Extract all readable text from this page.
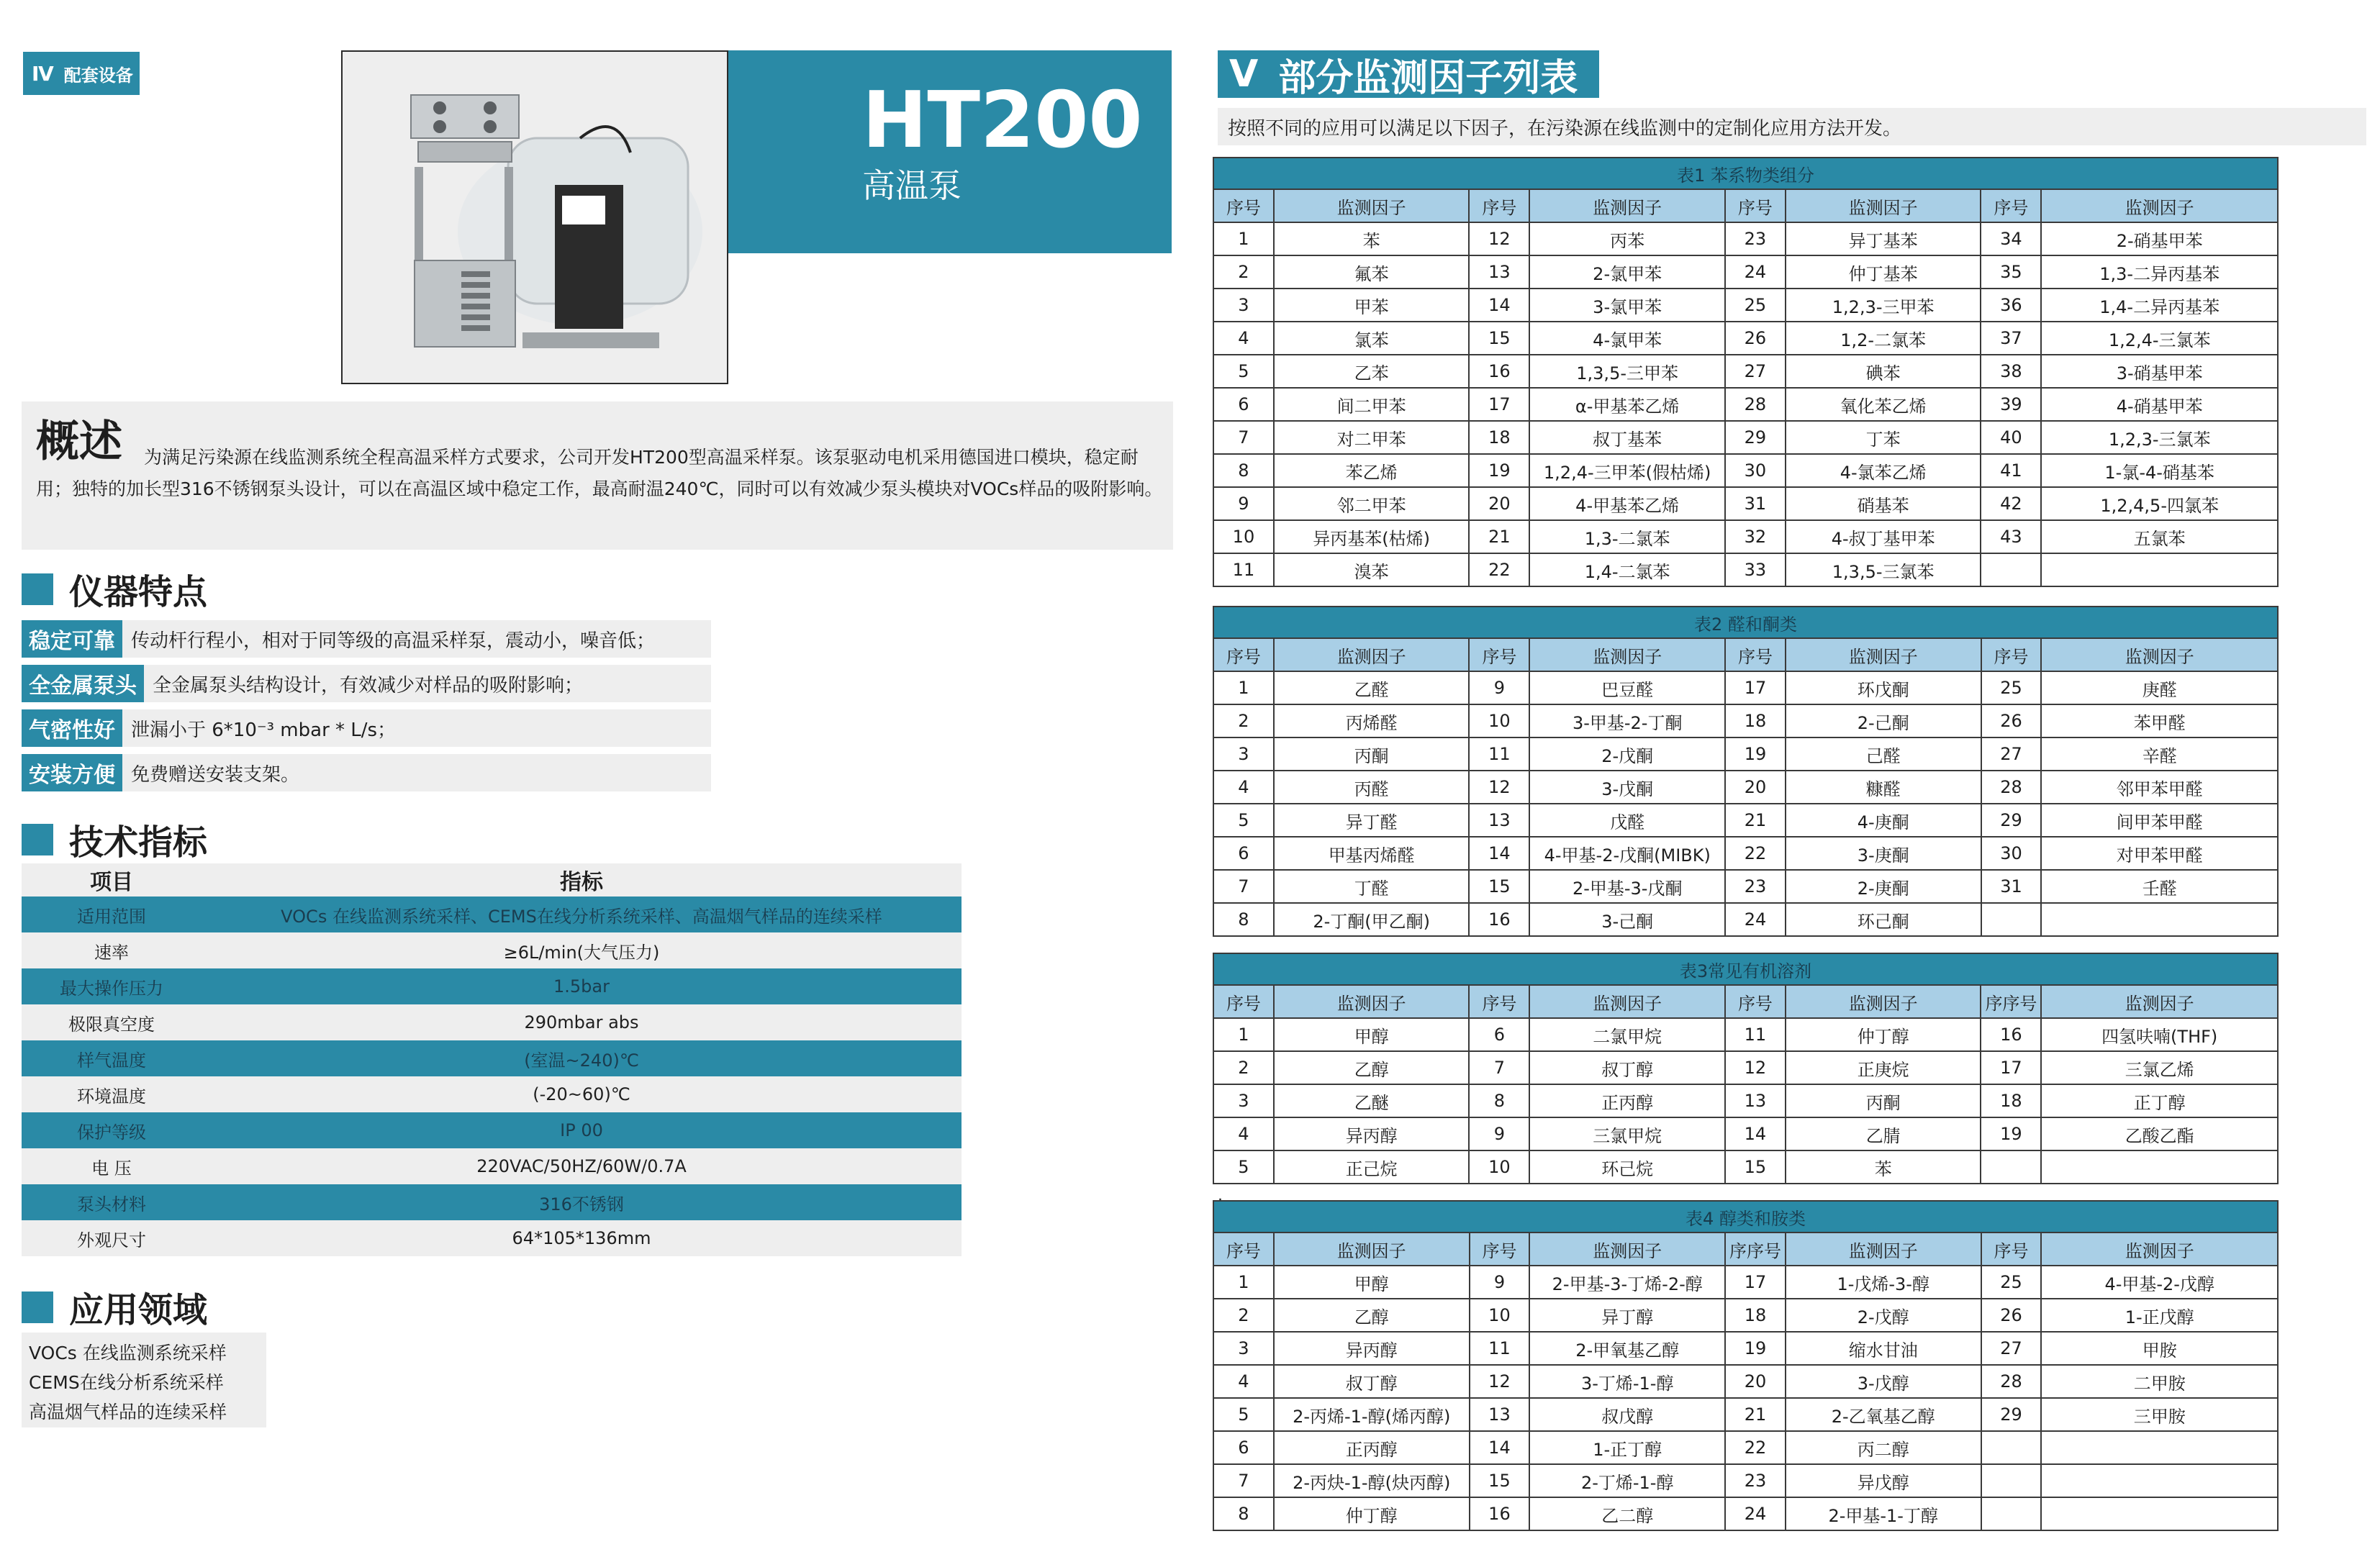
Ⅳ 配套设备
HT200
高温泵
概述	为满足污染源在线监测系统全程高温采样方式要求，公司开发HT200型高温采样泵。该泵驱动电机采用德国进口模块，稳定耐用；独特的加长型316不锈钢泵头设计，可以在高温区域中稳定工作，最高耐温240℃，同时可以有效减少泵头模块对VOCs样品的吸附影响。

仪器特点
稳定可靠 传动杆行程小，相对于同等级的高温采样泵，震动小，噪音低；
全金属泵头 全金属泵头结构设计，有效减少对样品的吸附影响；
气密性好 泄漏小于 6*10⁻³ mbar * L/s；
安装方便 免费赠送安装支架。
技术指标
项目	指标
适用范围	VOCs 在线监测系统采样、CEMS在线分析系统采样、高温烟气样品的连续采样
速率	≥6L/min(大气压力)
最大操作压力	1.5bar
极限真空度	290mbar abs
样气温度	(室温~240)℃
环境温度	(-20~60)℃
保护等级	IP 00
电 压	220VAC/50HZ/60W/0.7A
泵头材料	316不锈钢
外观尺寸	64*105*136mm
应用领域
VOCs 在线监测系统采样
CEMS在线分析系统采样
高温烟气样品的连续采样
Ⅴ 部分监测因子列表
按照不同的应用可以满足以下因子，在污染源在线监测中的定制化应用方法开发。
表1 苯系物类组分							
序号	监测因子	序号	监测因子	序号	监测因子	序号	监测因子
1	苯	12	丙苯	23	异丁基苯	34	2-硝基甲苯
2	氟苯	13	2-氯甲苯	24	仲丁基苯	35	1,3-二异丙基苯
3	甲苯	14	3-氯甲苯	25	1,2,3-三甲苯	36	1,4-二异丙基苯
4	氯苯	15	4-氯甲苯	26	1,2-二氯苯	37	1,2,4-三氯苯
5	乙苯	16	1,3,5-三甲苯	27	碘苯	38	3-硝基甲苯
6	间二甲苯	17	α-甲基苯乙烯	28	氧化苯乙烯	39	4-硝基甲苯
7	对二甲苯	18	叔丁基苯	29	丁苯	40	1,2,3-三氯苯
8	苯乙烯	19	1,2,4-三甲苯(假枯烯)	30	4-氯苯乙烯	41	1-氯-4-硝基苯
9	邻二甲苯	20	4-甲基苯乙烯	31	硝基苯	42	1,2,4,5-四氯苯
10	异丙基苯(枯烯)	21	1,3-二氯苯	32	4-叔丁基甲苯	43	五氯苯
11	溴苯	22	1,4-二氯苯	33	1,3,5-三氯苯		
表2 醛和酮类							
序号	监测因子	序号	监测因子	序号	监测因子	序号	监测因子
1	乙醛	9	巴豆醛	17	环戊酮	25	庚醛
2	丙烯醛	10	3-甲基-2-丁酮	18	2-己酮	26	苯甲醛
3	丙酮	11	2-戊酮	19	己醛	27	辛醛
4	丙醛	12	3-戊酮	20	糠醛	28	邻甲苯甲醛
5	异丁醛	13	戊醛	21	4-庚酮	29	间甲苯甲醛
6	甲基丙烯醛	14	4-甲基-2-戊酮(MIBK)	22	3-庚酮	30	对甲苯甲醛
7	丁醛	15	2-甲基-3-戊酮	23	2-庚酮	31	壬醛
8	2-丁酮(甲乙酮)	16	3-己酮	24	环己酮		
表3常见有机溶剂							
序号	监测因子	序号	监测因子	序号	监测因子	序序号	监测因子
1	甲醇	6	二氯甲烷	11	仲丁醇	16	四氢呋喃(THF)
2	乙醇	7	叔丁醇	12	正庚烷	17	三氯乙烯
3	乙醚	8	正丙醇	13	丙酮	18	正丁醇
4	异丙醇	9	三氯甲烷	14	乙腈	19	乙酸乙酯
5	正己烷	10	环己烷	15	苯		
表4 醇类和胺类							
序号	监测因子	序号	监测因子	序序号	监测因子	序号	监测因子
1	甲醇	9	2-甲基-3-丁烯-2-醇	17	1-戊烯-3-醇	25	4-甲基-2-戊醇
2	乙醇	10	异丁醇	18	2-戊醇	26	1-正戊醇
3	异丙醇	11	2-甲氧基乙醇	19	缩水甘油	27	甲胺
4	叔丁醇	12	3-丁烯-1-醇	20	3-戊醇	28	二甲胺
5	2-丙烯-1-醇(烯丙醇)	13	叔戊醇	21	2-乙氧基乙醇	29	三甲胺
6	正丙醇	14	1-正丁醇	22	丙二醇		
7	2-丙炔-1-醇(炔丙醇)	15	2-丁烯-1-醇	23	异戊醇		
8	仲丁醇	16	乙二醇	24	2-甲基-1-丁醇		
